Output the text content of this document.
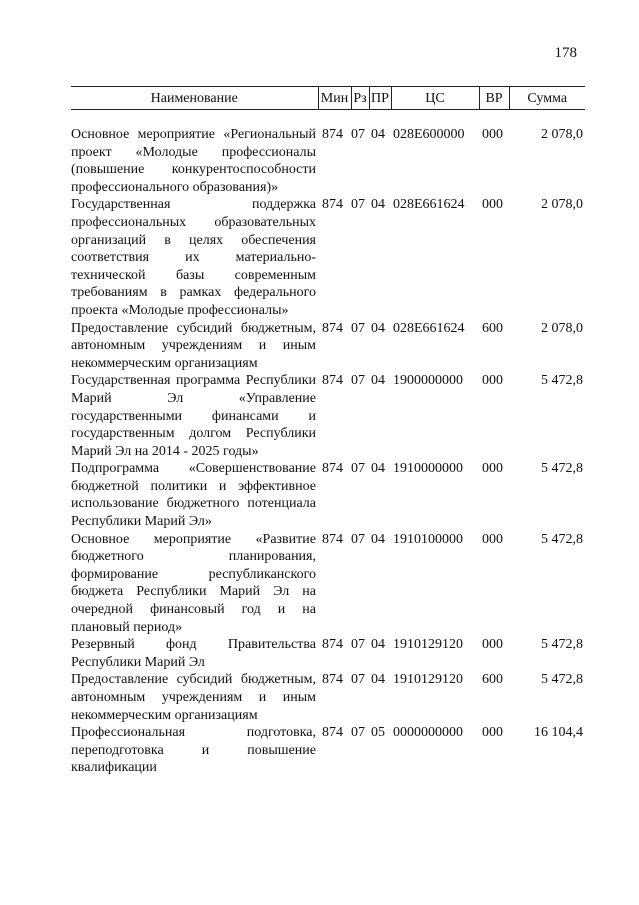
178
Наименование	Мин	Рз	ПР	ЦС	ВР	Сумма

Основное мероприятие «Региональный проект «Молодые профессионалы (повышение конкурентоспособности профессионального образования)»	874	07	04	028Е600000	000	2 078,0
Государственная поддержка профессиональных образовательных организаций в целях обеспечения соответствия их материально-технической базы современным требованиям в рамках федерального проекта «Молодые профессионалы»	874	07	04	028Е661624	000	2 078,0
Предоставление субсидий бюджетным, автономным учреждениям и иным некоммерческим организациям	874	07	04	028Е661624	600	2 078,0
Государственная программа Республики Марий Эл «Управление государственными финансами и государственным долгом Республики Марий Эл на 2014 - 2025 годы»	874	07	04	1900000000	000	5 472,8
Подпрограмма «Совершенствование бюджетной политики и эффективное использование бюджетного потенциала Республики Марий Эл»	874	07	04	1910000000	000	5 472,8
Основное мероприятие «Развитие бюджетного планирования, формирование республиканского бюджета Республики Марий Эл на очередной финансовый год и на плановый период»	874	07	04	1910100000	000	5 472,8
Резервный фонд Правительства Республики Марий Эл	874	07	04	1910129120	000	5 472,8
Предоставление субсидий бюджетным, автономным учреждениям и иным некоммерческим организациям	874	07	04	1910129120	600	5 472,8
Профессиональная подготовка, переподготовка и повышение квалификации	874	07	05	0000000000	000	16 104,4
